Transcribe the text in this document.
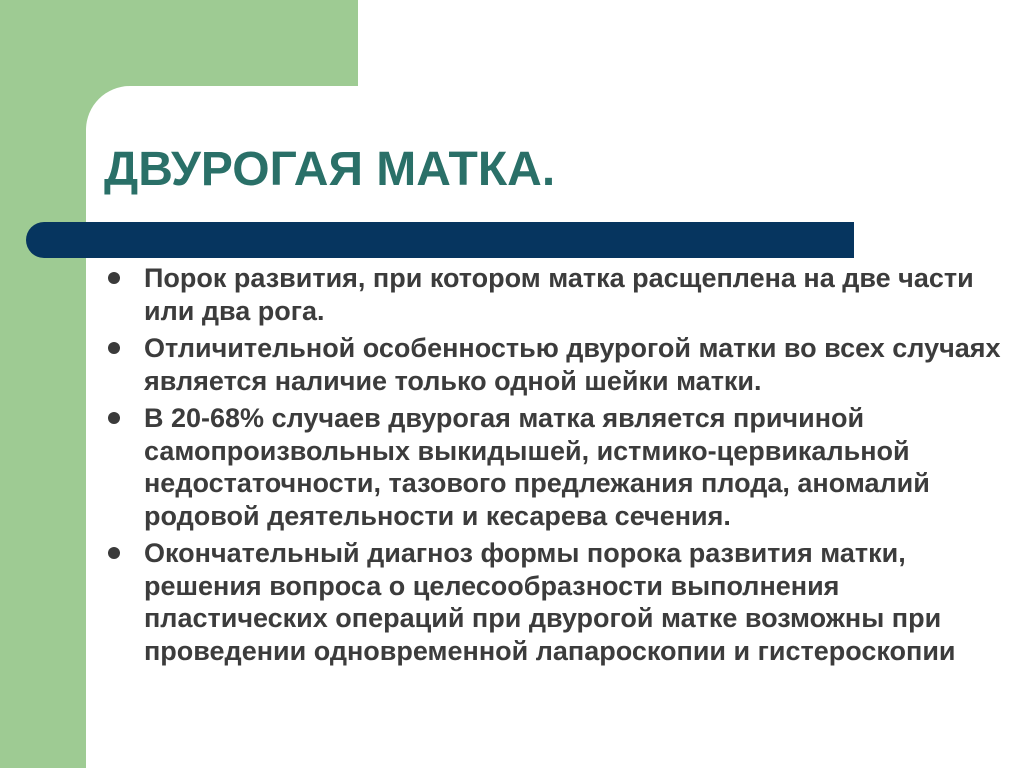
ДВУРОГАЯ МАТКА.
Порок развития, при котором матка расщеплена на две части или два рога.
Отличительной особенностью двурогой матки во всех случаях является наличие только одной шейки матки.
В 20-68% случаев двурогая матка является причиной самопроизвольных выкидышей, истмико-цервикальной недостаточности, тазового предлежания плода, аномалий родовой деятельности и кесарева сечения.
Окончательный диагноз формы порока развития матки, решения вопроса о целесообразности выполнения пластических операций при двурогой матке возможны при проведении одновременной лапароскопии и гистероскопии
